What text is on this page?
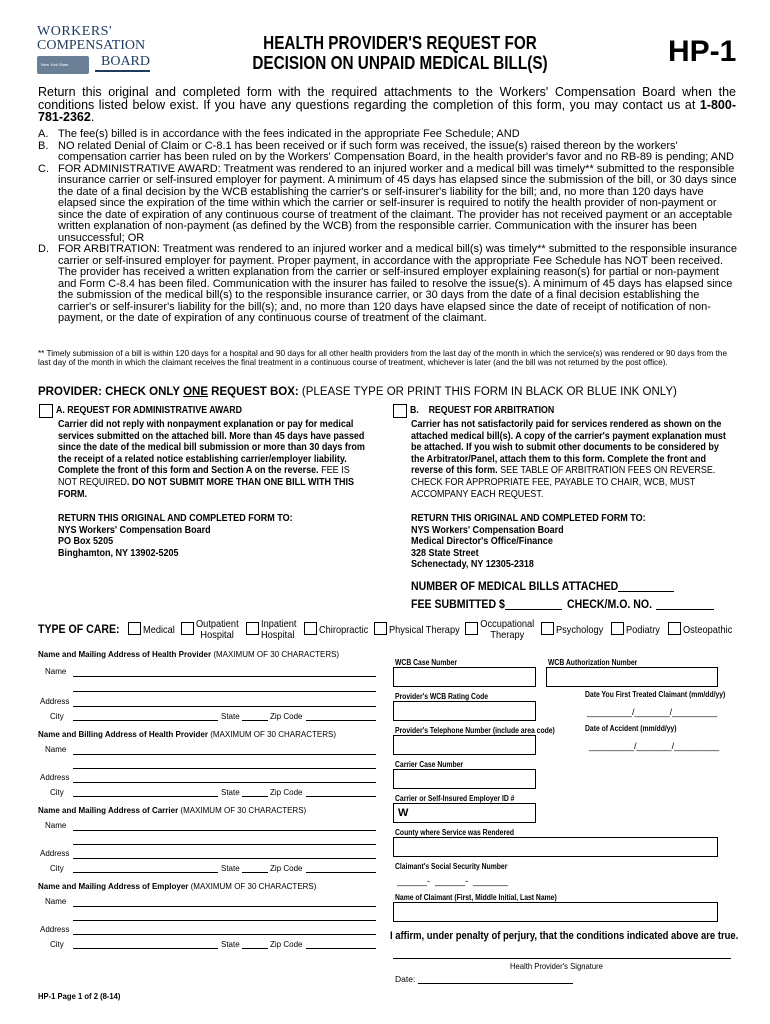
WORKERS'
COMPENSATION
New York State	BOARD
HEALTH PROVIDER'S REQUEST FOR
DECISION ON UNPAID MEDICAL BILL(S)	HP-1
Return this original and completed form with the required attachments to the Workers' Compensation Board when the conditions listed below exist. If you have any questions regarding the completion of this form, you may contact us at 1-800-781-2362.
A. The fee(s) billed is in accordance with the fees indicated in the appropriate Fee Schedule; AND
B. NO related Denial of Claim or C-8.1 has been received or if such form was received, the issue(s) raised thereon by the workers' compensation carrier has been ruled on by the Workers' Compensation Board, in the health provider's favor and no RB-89 is pending; AND
C. FOR ADMINISTRATIVE AWARD: Treatment was rendered to an injured worker and a medical bill was timely** submitted to the responsible insurance carrier or self-insured employer for payment. A minimum of 45 days has elapsed since the submission of the bill, or 30 days since the date of a final decision by the WCB establishing the carrier's or self-insurer's liability for the bill; and, no more than 120 days have elapsed since the expiration of the time within which the carrier or self-insurer is required to notify the health provider of non-payment or since the date of expiration of any continuous course of treatment of the claimant. The provider has not received payment or an acceptable written explanation of non-payment (as defined by the WCB) from the responsible carrier. Communication with the insurer has been unsuccessful; OR
D. FOR ARBITRATION: Treatment was rendered to an injured worker and a medical bill(s) was timely** submitted to the responsible insurance carrier or self-insured employer for payment. Proper payment, in accordance with the appropriate Fee Schedule has NOT been received. The provider has received a written explanation from the carrier or self-insured employer explaining reason(s) for partial or non-payment and Form C-8.4 has been filed. Communication with the insurer has failed to resolve the issue(s). A minimum of 45 days has elapsed since the submission of the medical bill(s) to the responsible insurance carrier, or 30 days from the date of a final decision establishing the carrier's or self-insurer's liability for the bill(s); and, no more than 120 days have elapsed since the date of receipt of notification of non-payment, or the date of expiration of any continuous course of treatment of the claimant.
** Timely submission of a bill is within 120 days for a hospital and 90 days for all other health providers from the last day of the month in which the service(s) was rendered or 90 days from the last day of the month in which the claimant receives the final treatment in a continuous course of treatment, whichever is later (and the bill was not returned by the post office).
PROVIDER: CHECK ONLY ONE REQUEST BOX: (PLEASE TYPE OR PRINT THIS FORM IN BLACK OR BLUE INK ONLY)
A. REQUEST FOR ADMINISTRATIVE AWARD
Carrier did not reply with nonpayment explanation or pay for medical services submitted on the attached bill. More than 45 days have passed since the date of the medical bill submission or more than 30 days from the receipt of a related notice establishing carrier/employer liability. Complete the front of this form and Section A on the reverse. FEE IS NOT REQUIRED. DO NOT SUBMIT MORE THAN ONE BILL WITH THIS FORM.
RETURN THIS ORIGINAL AND COMPLETED FORM TO:
NYS Workers' Compensation Board
PO Box 5205
Binghamton, NY 13902-5205
B.    REQUEST FOR ARBITRATION
Carrier has not satisfactorily paid for services rendered as shown on the attached medical bill(s). A copy of the carrier's payment explanation must be attached. If you wish to submit other documents to be considered by the Arbitrator/Panel, attach them to this form. Complete the front and reverse of this form. SEE TABLE OF ARBITRATION FEES ON REVERSE. CHECK FOR APPROPRIATE FEE, PAYABLE TO CHAIR, WCB, MUST ACCOMPANY EACH REQUEST.
RETURN THIS ORIGINAL AND COMPLETED FORM TO:
NYS Workers' Compensation Board
Medical Director's Office/Finance
328 State Street
Schenectady, NY 12305-2318
NUMBER OF MEDICAL BILLS ATTACHED
FEE SUBMITTED $	CHECK/M.O. NO.
TYPE OF CARE: Medical Outpatient Hospital
Inpatient Hospital	Chiropractic Physical Therapy Occupational Therapy	Psychology Podiatry Osteopathic
Name and Mailing Address of Health Provider (MAXIMUM OF 30 CHARACTERS)
Name
Address
City	State	Zip Code
Name and Billing Address of Health Provider (MAXIMUM OF 30 CHARACTERS)
Name
Address
City	State	Zip Code
Name and Mailing Address of Carrier (MAXIMUM OF 30 CHARACTERS)
Name
Address
City	State	Zip Code
Name and Mailing Address of Employer (MAXIMUM OF 30 CHARACTERS)
Name
Address
City	State	Zip Code
WCB Case Number	WCB Authorization Number
Provider's WCB Rating Code	Date You First Treated Claimant (mm/dd/yy)
_________/_______/_________
Provider's Telephone Number (include area code)	Date of Accident (mm/dd/yy)
_________/_______/_________
Carrier Case Number
Carrier or Self-Insured Employer ID #
W
County where Service was Rendered
Claimant's Social Security Number
______-  ______-  _______
Name of Claimant (First, Middle Initial, Last Name)
I affirm, under penalty of perjury, that the conditions indicated above are true.
Health Provider's Signature
Date:
HP-1 Page 1 of 2 (8-14)
